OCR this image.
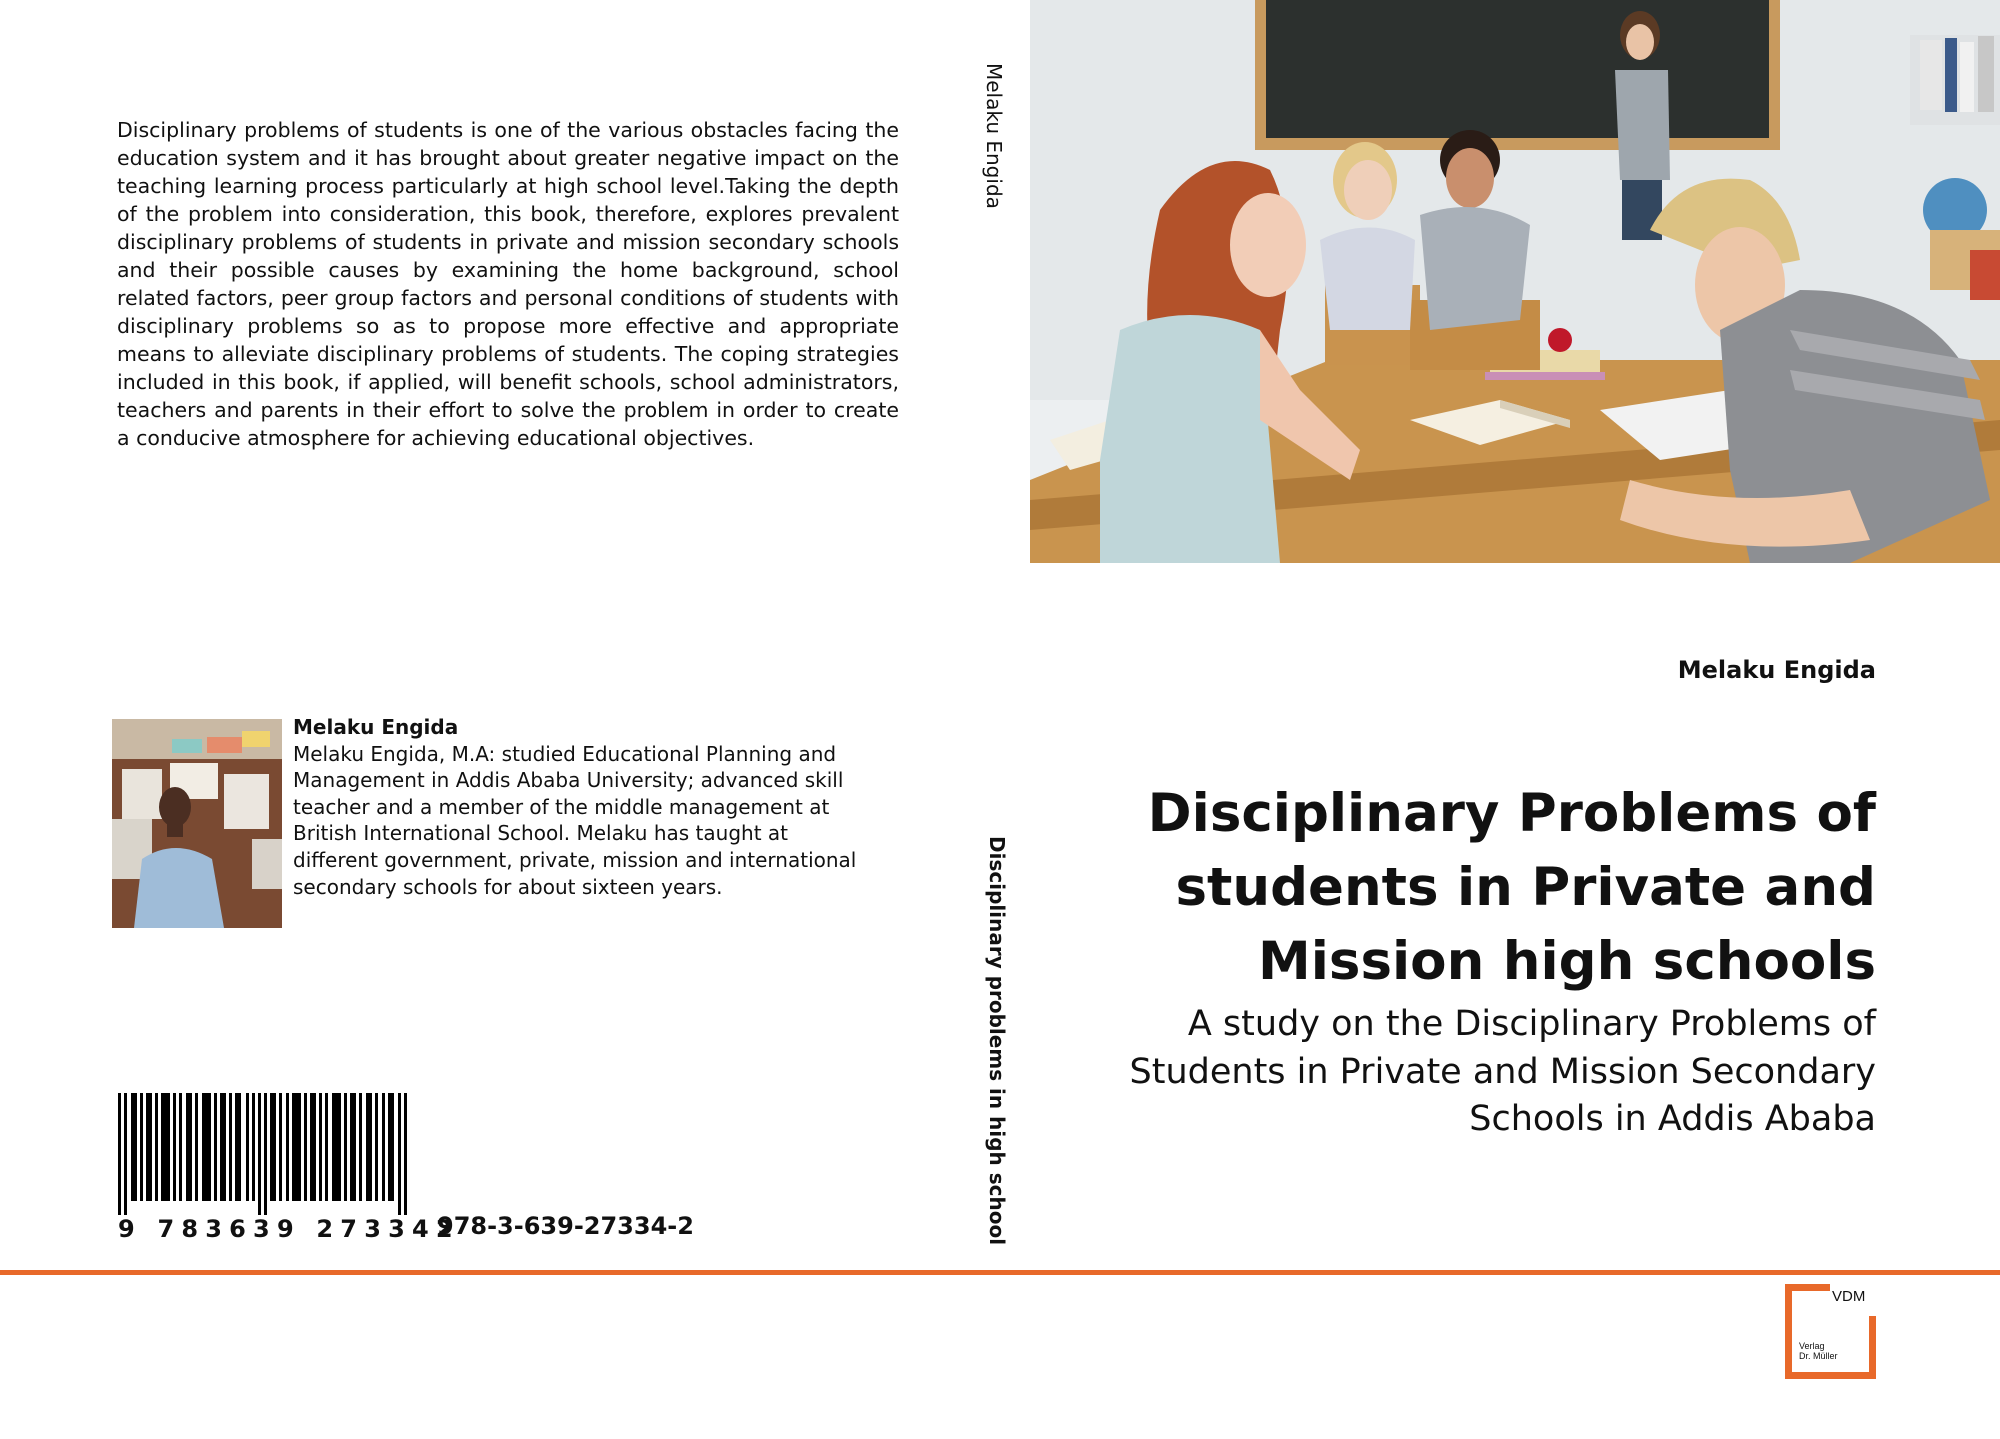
Disciplinary problems of students is one of the various obstacles facing the education system and it has brought about greater negative impact on the teaching learning process particularly at high school level.Taking the depth of the problem into consideration, this book, therefore, explores prevalent disciplinary problems of students in private and mission secondary schools and their possible causes by examining the home background, school related factors, peer group factors and personal conditions of students with disciplinary problems so as to propose more effective and appropriate means to alleviate disciplinary problems of students. The coping strategies included in this book, if applied, will benefit schools, school administrators, teachers and parents in their effort to solve the problem in order to create a conducive atmosphere for achieving educational objectives.

Melaku Engida
Melaku Engida, M.A: studied Educational Planning and Management in Addis Ababa University; advanced skill teacher and a member of the middle management at British International School. Melaku has taught at different government, private, mission and international secondary schools for about sixteen years.
9 783639 273342
978-3-639-27334-2
Melaku Engida
Disciplinary problems in high school
Melaku Engida
Disciplinary Problems of students in Private and Mission high schools

A study on the Disciplinary Problems of Students in Private and Mission Secondary Schools in Addis Ababa

VDM
Verlag
Dr. Müller
